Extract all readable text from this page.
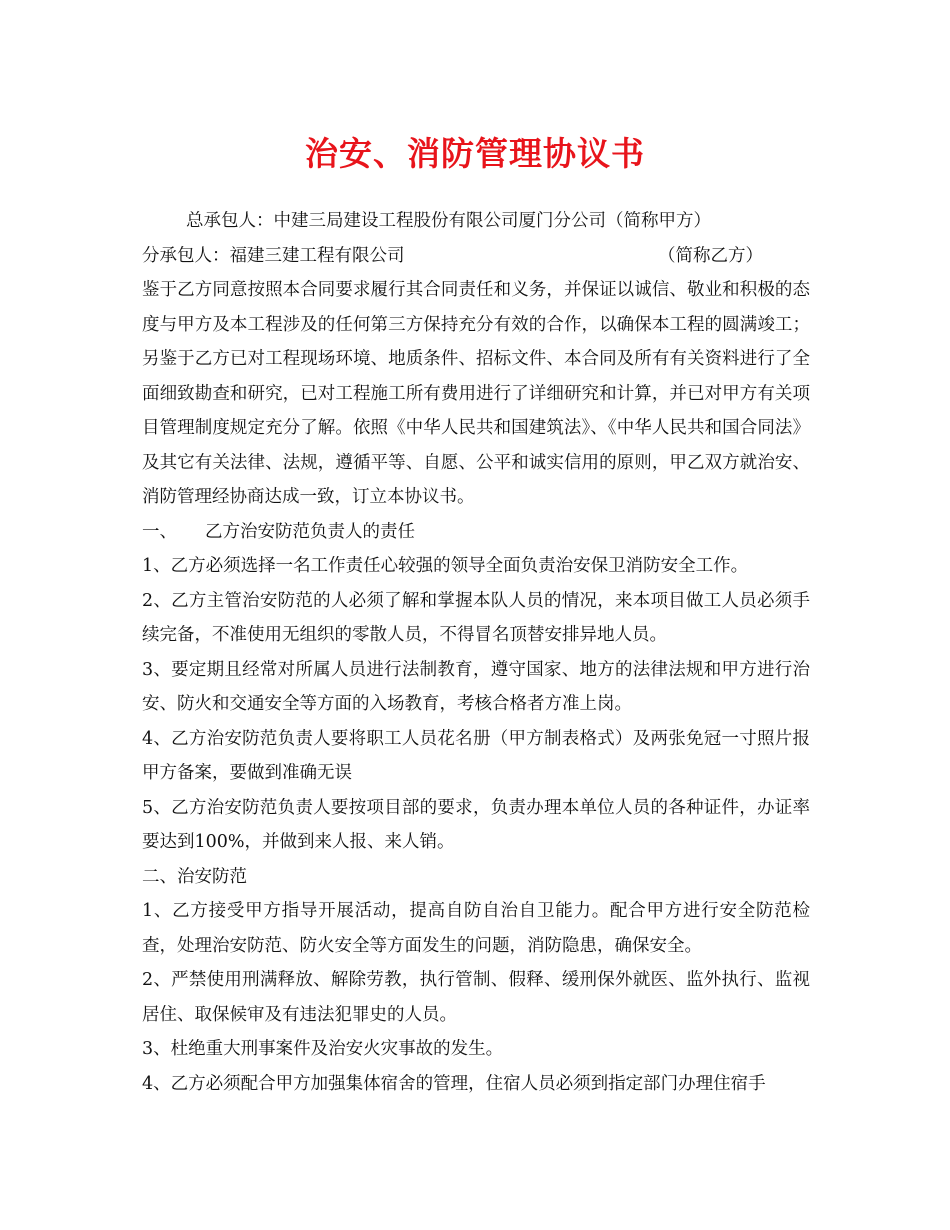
治安、消防管理协议书

总承包人：中建三局建设工程股份有限公司厦门分公司（简称甲方）

分承包人：福建三建工程有限公司	（简称乙方）

鉴于乙方同意按照本合同要求履行其合同责任和义务，并保证以诚信、敬业和积极的态度与甲方及本工程涉及的任何第三方保持充分有效的合作，以确保本工程的圆满竣工；另鉴于乙方已对工程现场环境、地质条件、招标文件、本合同及所有有关资料进行了全面细致勘查和研究，已对工程施工所有费用进行了详细研究和计算，并已对甲方有关项目管理制度规定充分了解。依照《中华人民共和国建筑法》、《中华人民共和国合同法》及其它有关法律、法规，遵循平等、自愿、公平和诚实信用的原则，甲乙双方就治安、消防管理经协商达成一致，订立本协议书。

一、 乙方治安防范负责人的责任

1、乙方必须选择一名工作责任心较强的领导全面负责治安保卫消防安全工作。

2、乙方主管治安防范的人必须了解和掌握本队人员的情况，来本项目做工人员必须手续完备，不准使用无组织的零散人员，不得冒名顶替安排异地人员。

3、要定期且经常对所属人员进行法制教育，遵守国家、地方的法律法规和甲方进行治安、防火和交通安全等方面的入场教育，考核合格者方准上岗。

4、乙方治安防范负责人要将职工人员花名册（甲方制表格式）及两张免冠一寸照片报甲方备案，要做到准确无误

5、乙方治安防范负责人要按项目部的要求，负责办理本单位人员的各种证件，办证率要达到100%，并做到来人报、来人销。

二、治安防范

1、乙方接受甲方指导开展活动，提高自防自治自卫能力。配合甲方进行安全防范检查，处理治安防范、防火安全等方面发生的问题，消防隐患，确保安全。

2、严禁使用刑满释放、解除劳教，执行管制、假释、缓刑保外就医、监外执行、监视居住、取保候审及有违法犯罪史的人员。

3、杜绝重大刑事案件及治安火灾事故的发生。

4、乙方必须配合甲方加强集体宿舍的管理，住宿人员必须到指定部门办理住宿手
